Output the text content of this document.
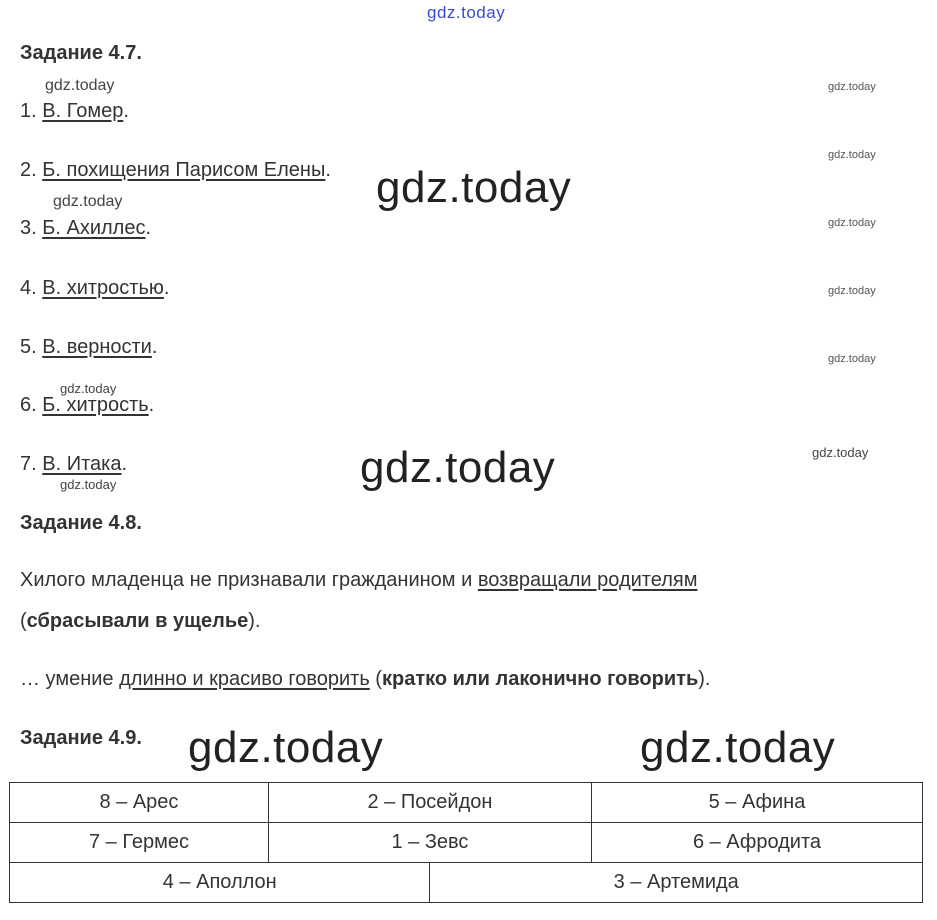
gdz.today
Задание 4.7.
gdz.today	gdz.today
1. В. Гомер.
gdz.today
2. Б. похищения Парисом Елены. gdz.today
gdz.today
gdz.today
3. Б. Ахиллес.
gdz.today
4. В. хитростью.
5. В. верности.
gdz.today
gdz.today
6. Б. хитрость.
gdz.today
gdz.today
7. В. Итака.
gdz.today
Задание 4.8.
Хилого младенца не признавали гражданином и возвращали родителям
(сбрасывали в ущелье).
… умение длинно и красиво говорить (кратко или лаконично говорить).
Задание 4.9. gdz.today	gdz.today
8 – Арес	2 – Посейдон		5 – Афина
7 – Гермес	1 – Зевс		6 – Афродита
4 – Аполлон		3 – Артемида	
